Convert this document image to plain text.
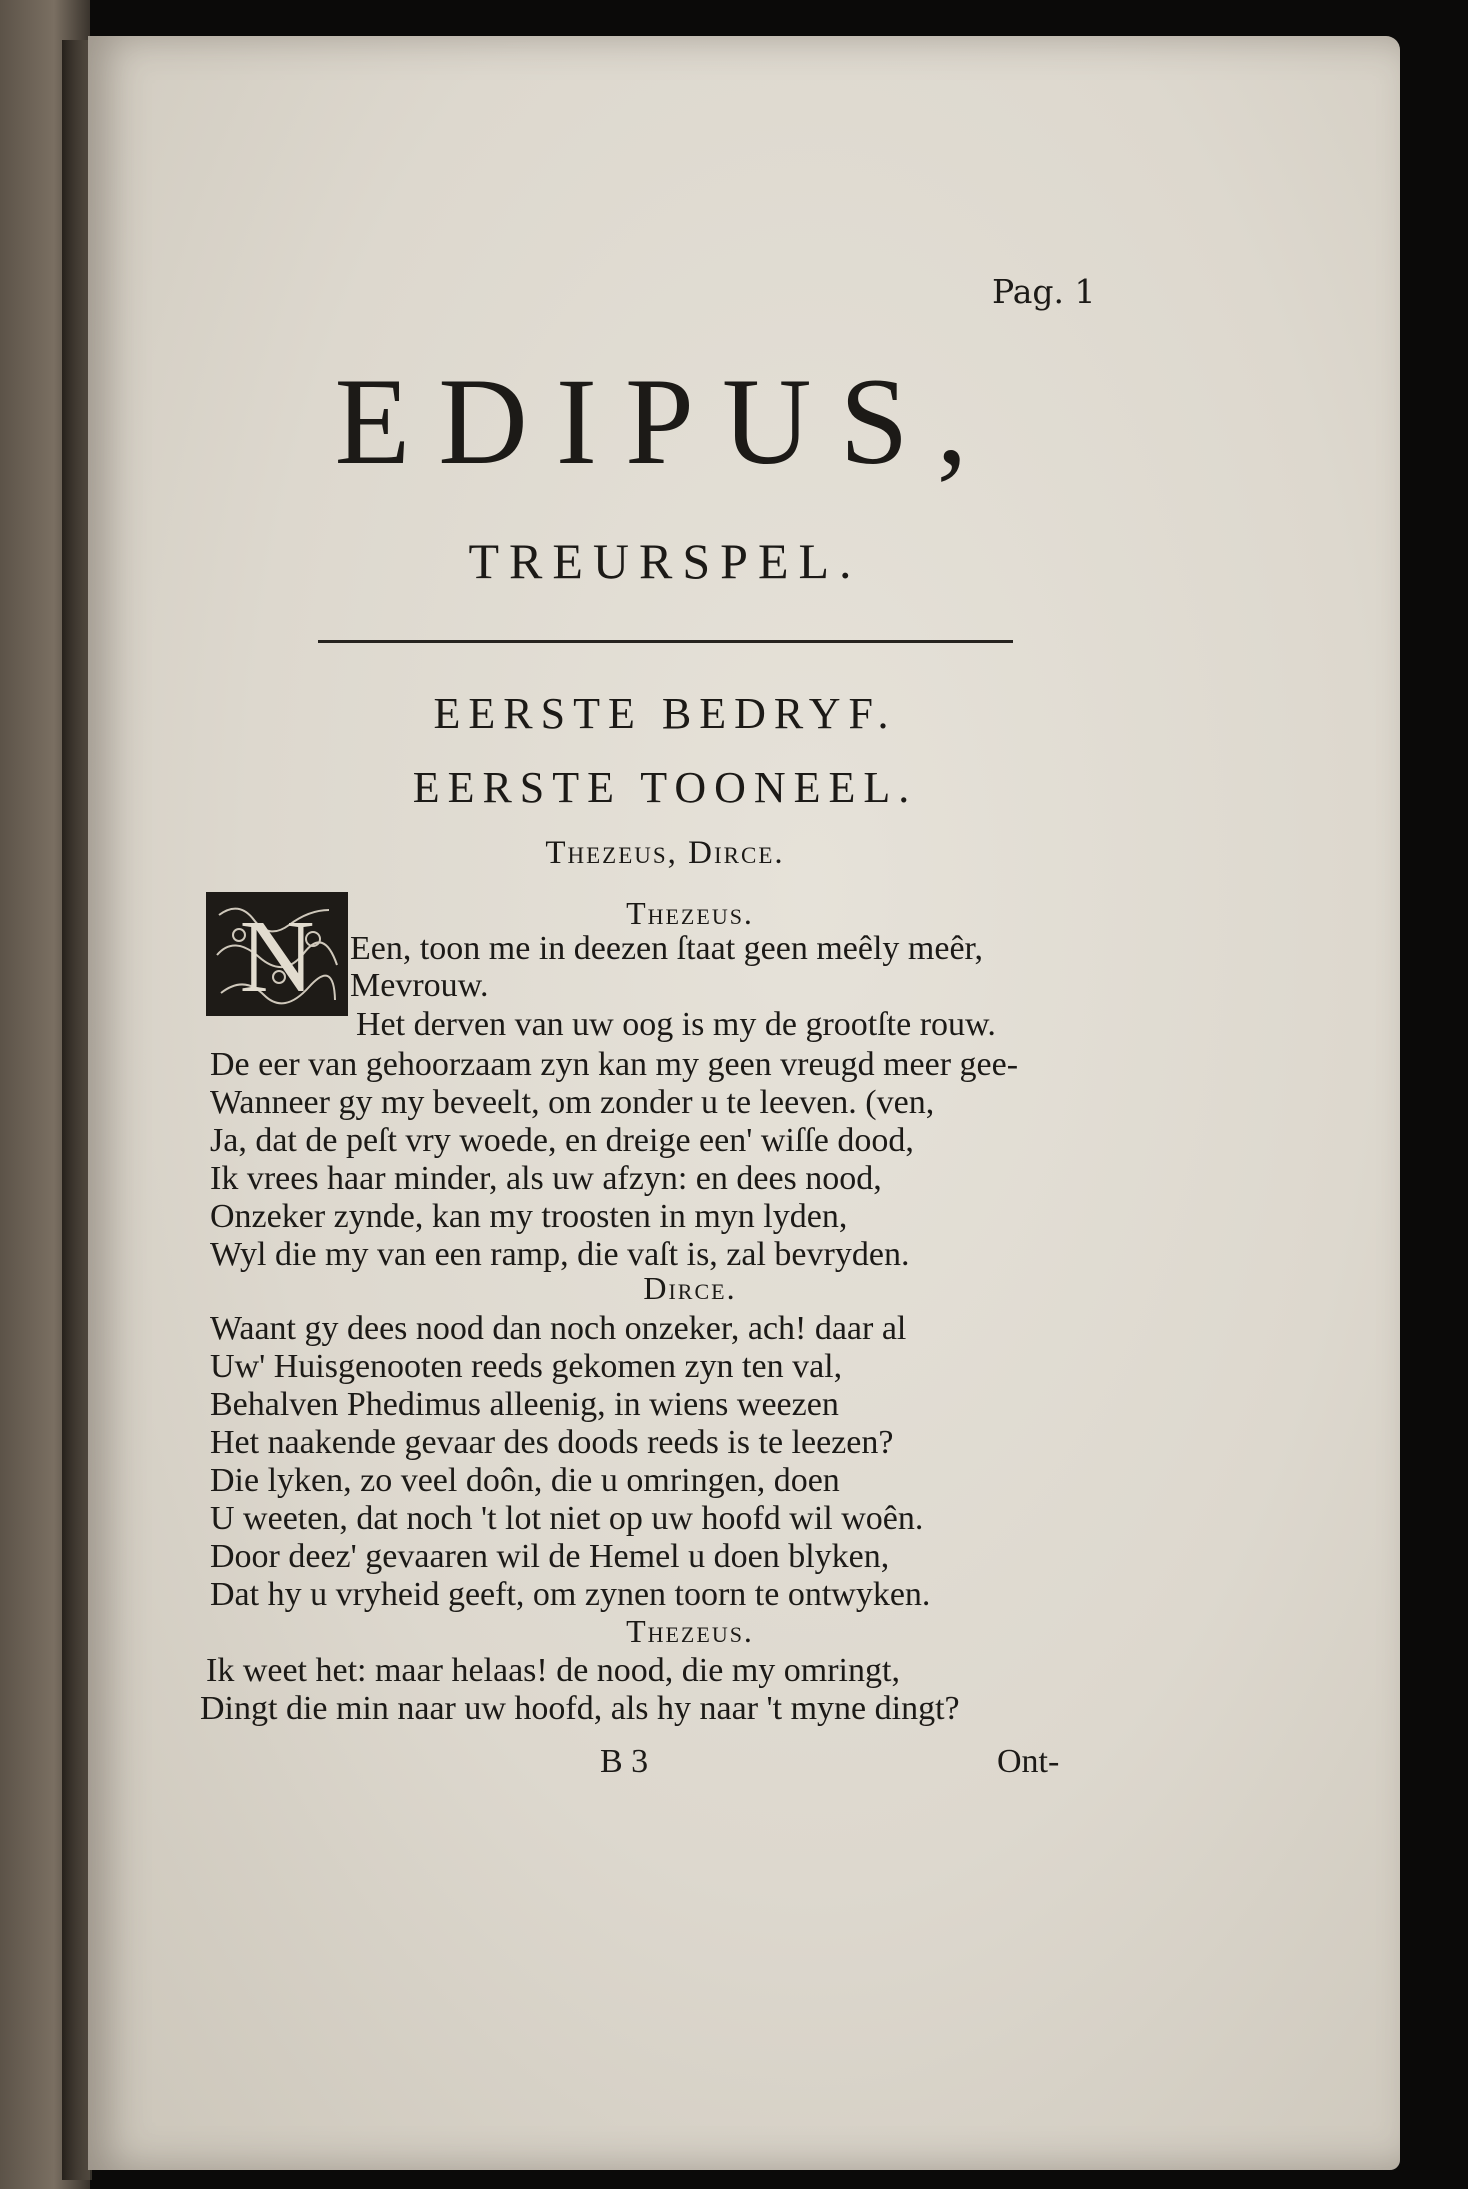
Pag. 1
EDIPUS,
TREURSPEL.
EERSTE BEDRYF.
EERSTE TOONEEL.
Thezeus, Dirce.
N	Thezeus.
Een, toon me in deezen ſtaat geen meêly meêr,
Mevrouw.
Het derven van uw oog is my de grootſte rouw.
De eer van gehoorzaam zyn kan my geen vreugd meer gee-
Wanneer gy my beveelt, om zonder u te leeven. (ven,
Ja, dat de peſt vry woede, en dreige een' wiſſe dood,
Ik vrees haar minder, als uw afzyn: en dees nood,
Onzeker zynde, kan my troosten in myn lyden,
Wyl die my van een ramp, die vaſt is, zal bevryden.
Dirce.
Waant gy dees nood dan noch onzeker, ach! daar al
Uw' Huisgenooten reeds gekomen zyn ten val,
Behalven Phedimus alleenig, in wiens weezen
Het naakende gevaar des doods reeds is te leezen?
Die lyken, zo veel doôn, die u omringen, doen
U weeten, dat noch 't lot niet op uw hoofd wil woên.
Door deez' gevaaren wil de Hemel u doen blyken,
Dat hy u vryheid geeft, om zynen toorn te ontwyken.
Thezeus.
Ik weet het: maar helaas! de nood, die my omringt,
Dingt die min naar uw hoofd, als hy naar 't myne dingt?
B 3	Ont-
